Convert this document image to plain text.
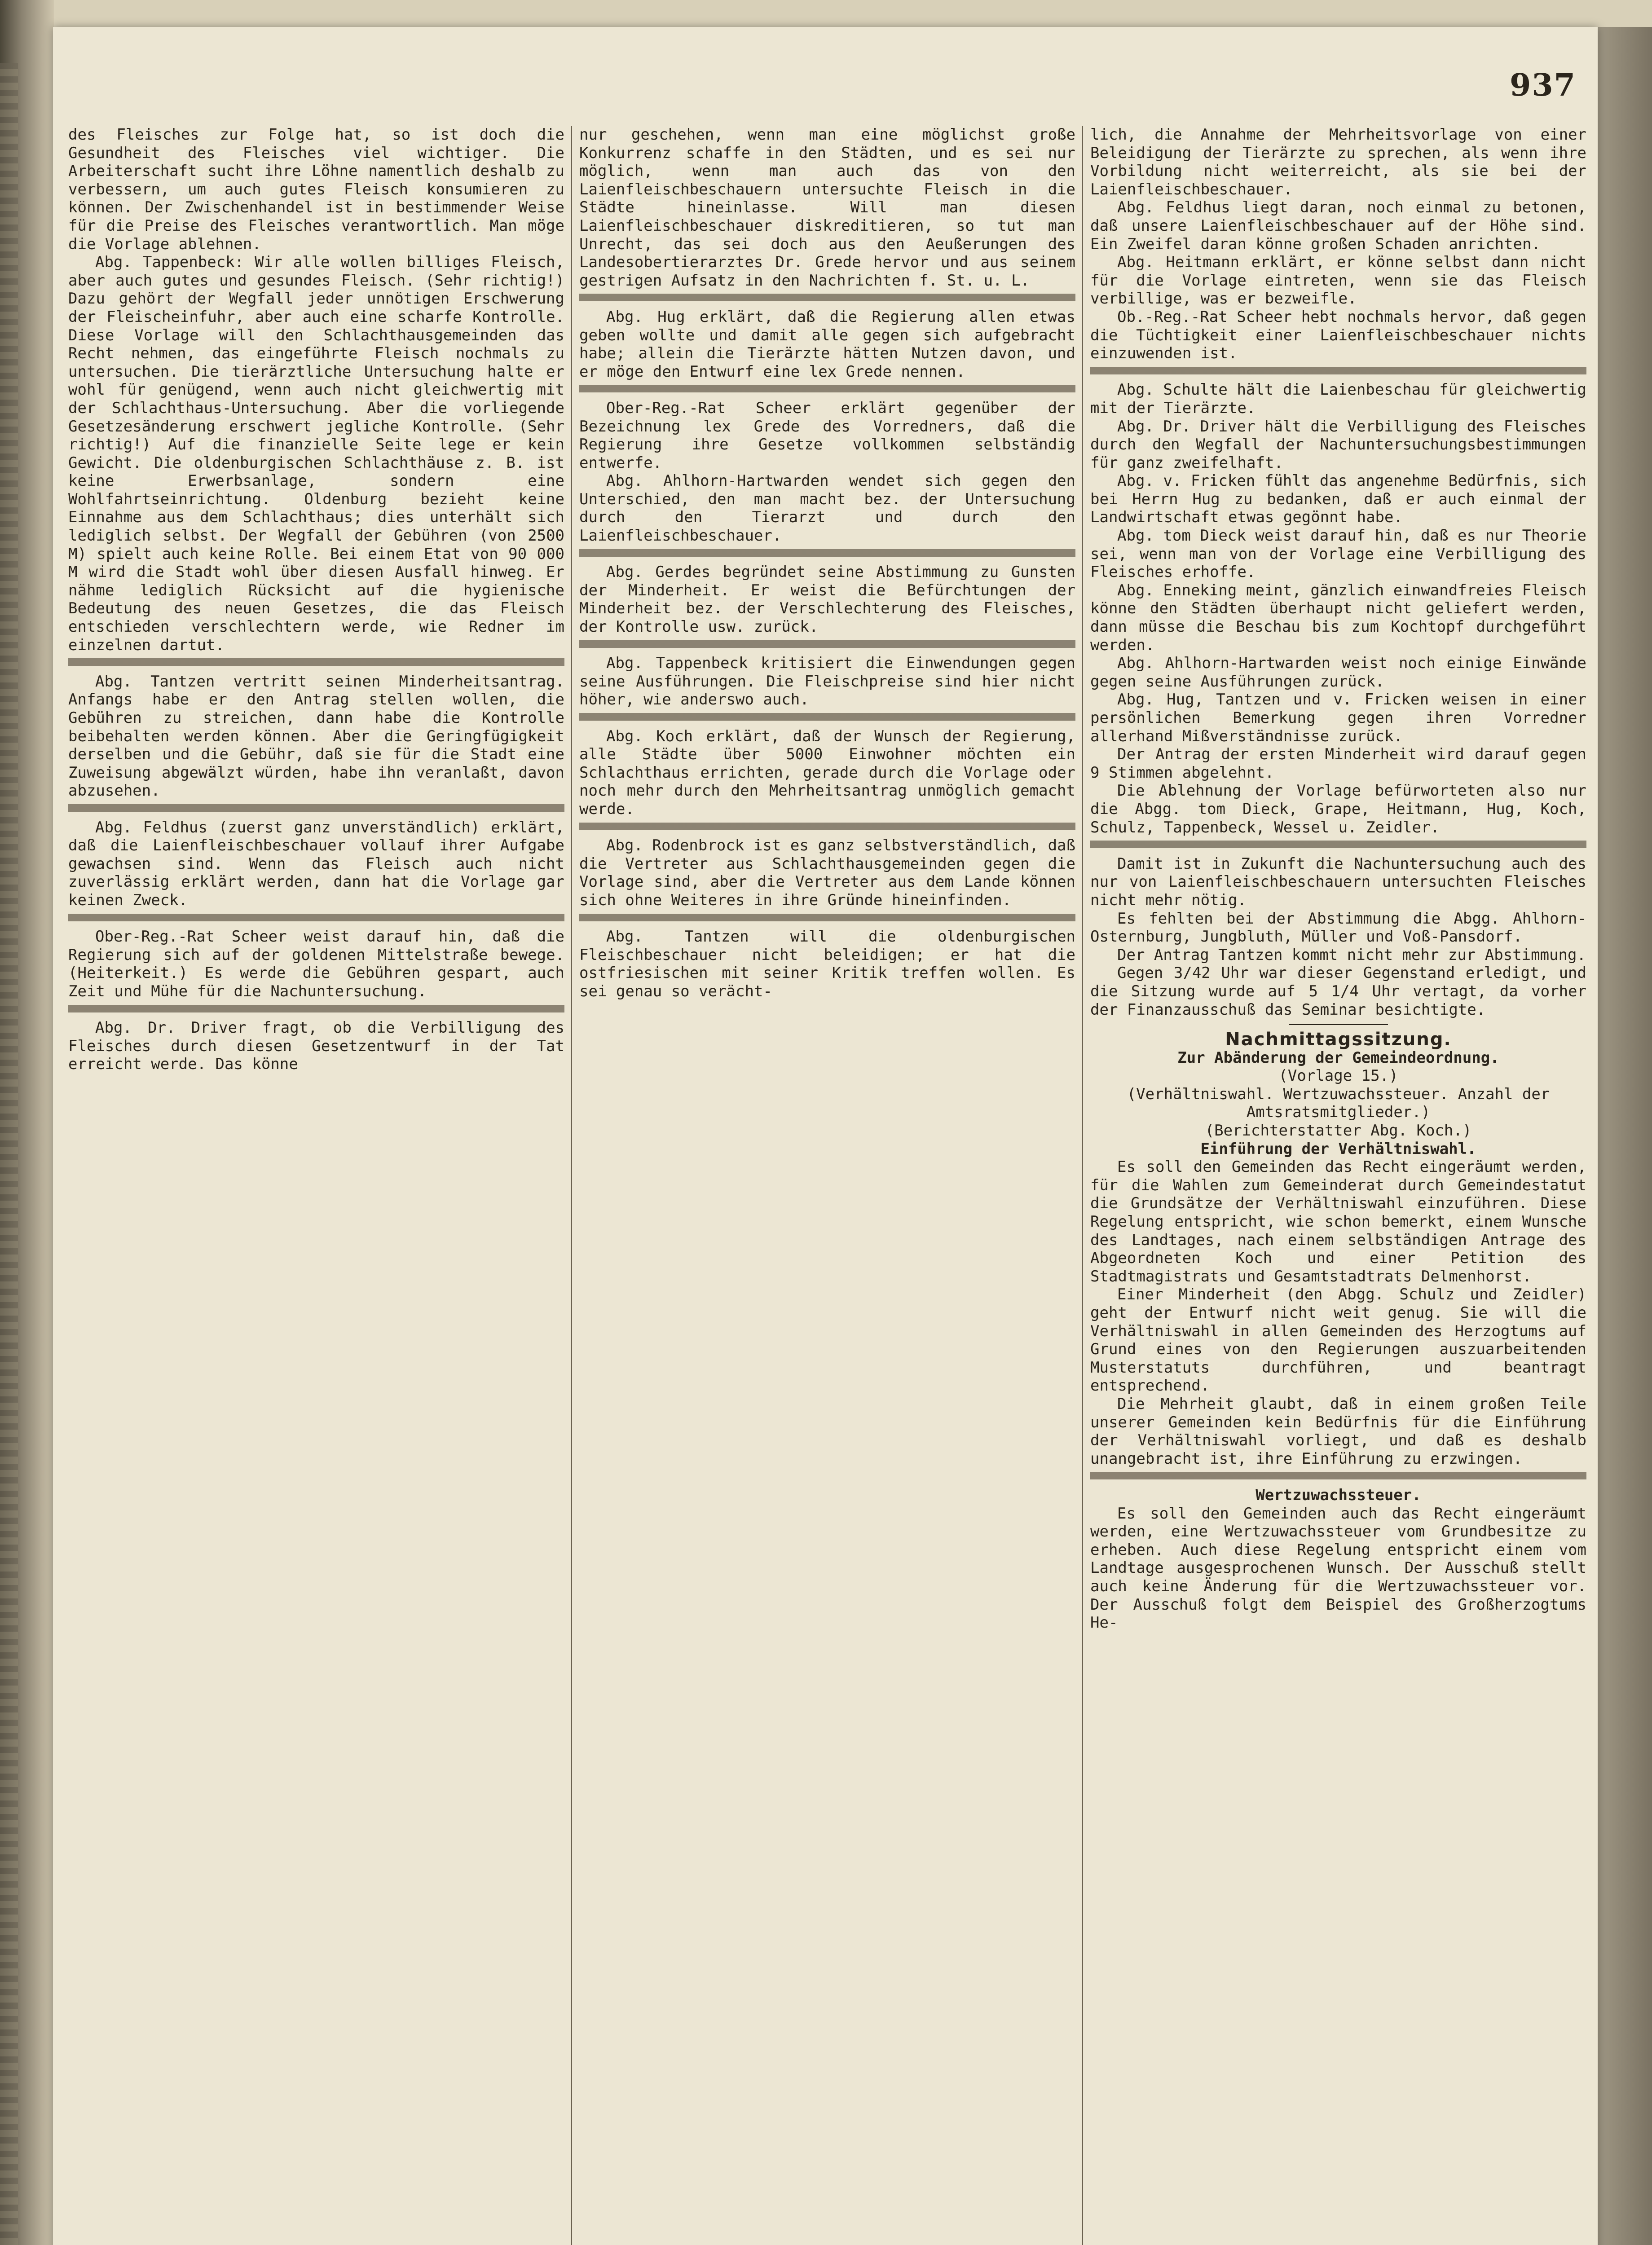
937

des Fleisches zur Folge hat, so ist doch die Gesundheit des Fleisches viel wichtiger. Die Arbeiterschaft sucht ihre Löhne namentlich deshalb zu verbessern, um auch gutes Fleisch konsumieren zu können. Der Zwischenhandel ist in bestimmender Weise für die Preise des Fleisches verantwortlich. Man möge die Vorlage ablehnen.

Abg. Tappenbeck: Wir alle wollen billiges Fleisch, aber auch gutes und gesundes Fleisch. (Sehr richtig!) Dazu gehört der Wegfall jeder unnötigen Erschwerung der Fleischeinfuhr, aber auch eine scharfe Kontrolle. Diese Vorlage will den Schlachthausgemeinden das Recht nehmen, das eingeführte Fleisch nochmals zu untersuchen. Die tierärztliche Untersuchung halte er wohl für genügend, wenn auch nicht gleichwertig mit der Schlachthaus-Untersuchung. Aber die vorliegende Gesetzesänderung erschwert jegliche Kontrolle. (Sehr richtig!) Auf die finanzielle Seite lege er kein Gewicht. Die oldenburgischen Schlachthäuse z. B. ist keine Erwerbsanlage, sondern eine Wohlfahrtseinrichtung. Oldenburg bezieht keine Einnahme aus dem Schlachthaus; dies unterhält sich lediglich selbst. Der Wegfall der Gebühren (von 2500 M) spielt auch keine Rolle. Bei einem Etat von 90 000 M wird die Stadt wohl über diesen Ausfall hinweg. Er nähme lediglich Rücksicht auf die hygienische Bedeutung des neuen Gesetzes, die das Fleisch entschieden verschlechtern werde, wie Redner im einzelnen dartut.

Abg. Tantzen vertritt seinen Minderheitsantrag. Anfangs habe er den Antrag stellen wollen, die Gebühren zu streichen, dann habe die Kontrolle beibehalten werden können. Aber die Geringfügigkeit derselben und die Gebühr, daß sie für die Stadt eine Zuweisung abgewälzt würden, habe ihn veranlaßt, davon abzusehen.

Abg. Feldhus (zuerst ganz unverständlich) erklärt, daß die Laienfleischbeschauer vollauf ihrer Aufgabe gewachsen sind. Wenn das Fleisch auch nicht zuverlässig erklärt werden, dann hat die Vorlage gar keinen Zweck.

Ober-Reg.-Rat Scheer weist darauf hin, daß die Regierung sich auf der goldenen Mittelstraße bewege. (Heiterkeit.) Es werde die Gebühren gespart, auch Zeit und Mühe für die Nachuntersuchung.

Abg. Dr. Driver fragt, ob die Verbilligung des Fleisches durch diesen Gesetzentwurf in der Tat erreicht werde. Das könne

nur geschehen, wenn man eine möglichst große Konkurrenz schaffe in den Städten, und es sei nur möglich, wenn man auch das von den Laienfleischbeschauern untersuchte Fleisch in die Städte hineinlasse. Will man diesen Laienfleischbeschauer diskreditieren, so tut man Unrecht, das sei doch aus den Aeußerungen des Landesobertierarztes Dr. Grede hervor und aus seinem gestrigen Aufsatz in den Nachrichten f. St. u. L.

Abg. Hug erklärt, daß die Regierung allen etwas geben wollte und damit alle gegen sich aufgebracht habe; allein die Tierärzte hätten Nutzen davon, und er möge den Entwurf eine lex Grede nennen.

Ober-Reg.-Rat Scheer erklärt gegenüber der Bezeichnung lex Grede des Vorredners, daß die Regierung ihre Gesetze vollkommen selbständig entwerfe.

Abg. Ahlhorn-Hartwarden wendet sich gegen den Unterschied, den man macht bez. der Untersuchung durch den Tierarzt und durch den Laienfleischbeschauer.

Abg. Gerdes begründet seine Abstimmung zu Gunsten der Minderheit. Er weist die Befürchtungen der Minderheit bez. der Verschlechterung des Fleisches, der Kontrolle usw. zurück.

Abg. Tappenbeck kritisiert die Einwendungen gegen seine Ausführungen. Die Fleischpreise sind hier nicht höher, wie anderswo auch.

Abg. Koch erklärt, daß der Wunsch der Regierung, alle Städte über 5000 Einwohner möchten ein Schlachthaus errichten, gerade durch die Vorlage oder noch mehr durch den Mehrheitsantrag unmöglich gemacht werde.

Abg. Rodenbrock ist es ganz selbstverständlich, daß die Vertreter aus Schlachthausgemeinden gegen die Vorlage sind, aber die Vertreter aus dem Lande können sich ohne Weiteres in ihre Gründe hineinfinden.

Abg. Tantzen will die oldenburgischen Fleischbeschauer nicht beleidigen; er hat die ostfriesischen mit seiner Kritik treffen wollen. Es sei genau so verächt-

lich, die Annahme der Mehrheitsvorlage von einer Beleidigung der Tierärzte zu sprechen, als wenn ihre Vorbildung nicht weiterreicht, als sie bei der Laienfleischbeschauer.

Abg. Feldhus liegt daran, noch einmal zu betonen, daß unsere Laienfleischbeschauer auf der Höhe sind. Ein Zweifel daran könne großen Schaden anrichten.

Abg. Heitmann erklärt, er könne selbst dann nicht für die Vorlage eintreten, wenn sie das Fleisch verbillige, was er bezweifle.

Ob.-Reg.-Rat Scheer hebt nochmals hervor, daß gegen die Tüchtigkeit einer Laienfleischbeschauer nichts einzuwenden ist.

Abg. Schulte hält die Laienbeschau für gleichwertig mit der Tierärzte.

Abg. Dr. Driver hält die Verbilligung des Fleisches durch den Wegfall der Nachuntersuchungsbestimmungen für ganz zweifelhaft.

Abg. v. Fricken fühlt das angenehme Bedürfnis, sich bei Herrn Hug zu bedanken, daß er auch einmal der Landwirtschaft etwas gegönnt habe.

Abg. tom Dieck weist darauf hin, daß es nur Theorie sei, wenn man von der Vorlage eine Verbilligung des Fleisches erhoffe.

Abg. Enneking meint, gänzlich einwandfreies Fleisch könne den Städten überhaupt nicht geliefert werden, dann müsse die Beschau bis zum Kochtopf durchgeführt werden.

Abg. Ahlhorn-Hartwarden weist noch einige Einwände gegen seine Ausführungen zurück.

Abg. Hug, Tantzen und v. Fricken weisen in einer persönlichen Bemerkung gegen ihren Vorredner allerhand Mißverständnisse zurück.

Der Antrag der ersten Minderheit wird darauf gegen 9 Stimmen abgelehnt.

Die Ablehnung der Vorlage befürworteten also nur die Abgg. tom Dieck, Grape, Heitmann, Hug, Koch, Schulz, Tappenbeck, Wessel u. Zeidler.

Damit ist in Zukunft die Nachuntersuchung auch des nur von Laienfleischbeschauern untersuchten Fleisches nicht mehr nötig.

Es fehlten bei der Abstimmung die Abgg. Ahlhorn-Osternburg, Jungbluth, Müller und Voß-Pansdorf.

Der Antrag Tantzen kommt nicht mehr zur Abstimmung.

Gegen 3/42 Uhr war dieser Gegenstand erledigt, und die Sitzung wurde auf 5 1/4 Uhr vertagt, da vorher der Finanzausschuß das Seminar besichtigte.

Nachmittagssitzung.
Zur Abänderung der Gemeindeordnung.
(Vorlage 15.)
(Verhältniswahl. Wertzuwachssteuer. Anzahl der Amtsratsmitglieder.)
(Berichterstatter Abg. Koch.)
Einführung der Verhältniswahl.

Es soll den Gemeinden das Recht eingeräumt werden, für die Wahlen zum Gemeinderat durch Gemeindestatut die Grundsätze der Verhältniswahl einzuführen. Diese Regelung entspricht, wie schon bemerkt, einem Wunsche des Landtages, nach einem selbständigen Antrage des Abgeordneten Koch und einer Petition des Stadtmagistrats und Gesamtstadtrats Delmenhorst.

Einer Minderheit (den Abgg. Schulz und Zeidler) geht der Entwurf nicht weit genug. Sie will die Verhältniswahl in allen Gemeinden des Herzogtums auf Grund eines von den Regierungen auszuarbeitenden Musterstatuts durchführen, und beantragt entsprechend.

Die Mehrheit glaubt, daß in einem großen Teile unserer Gemeinden kein Bedürfnis für die Einführung der Verhältniswahl vorliegt, und daß es deshalb unangebracht ist, ihre Einführung zu erzwingen.

Wertzuwachssteuer.

Es soll den Gemeinden auch das Recht eingeräumt werden, eine Wertzuwachssteuer vom Grundbesitze zu erheben. Auch diese Regelung entspricht einem vom Landtage ausgesprochenen Wunsch. Der Ausschuß stellt auch keine Änderung für die Wertzuwachssteuer vor. Der Ausschuß folgt dem Beispiel des Großherzogtums He-
